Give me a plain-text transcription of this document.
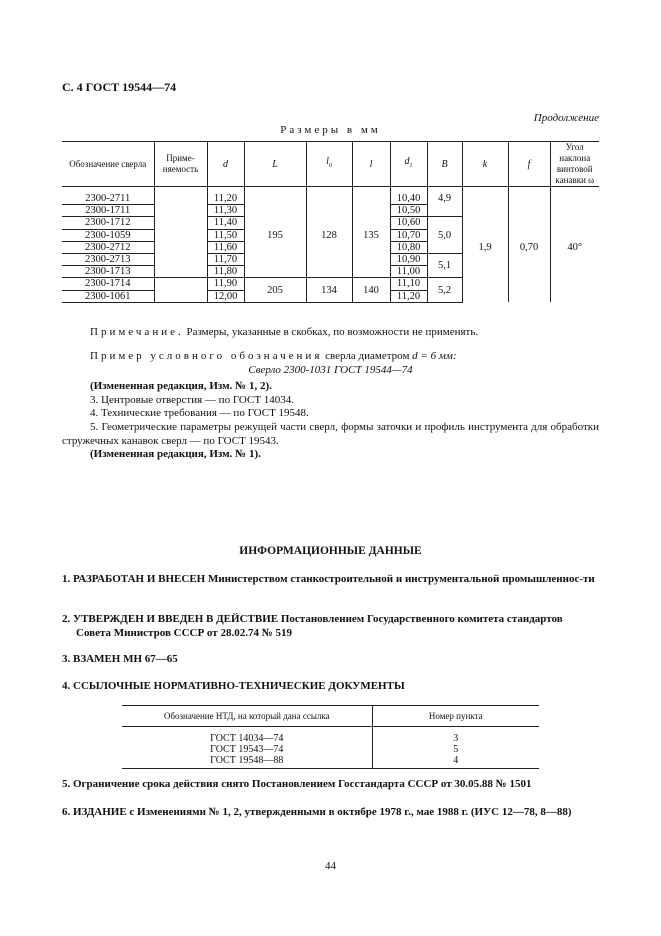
С. 4 ГОСТ 19544—74
Продолжение
Размеры в мм
Обозначение сверла	Приме- няемость	d	L	$l_0$	l	$d_1$	B	k	f	Угол наклона винтовой канавки ω
2300-2711		11,20	195	128	135	10,40	4,9	1,9	0,70	40°
2300-1711		11,30				10,50				
2300-1712		11,40				10,60	5,0			
2300-1059		11,50				10,70				
2300-2712		11,60				10,80				
2300-2713		11,70				10,90	5,1			
2300-1713		11,80				11,00				
2300-1714		11,90	205	134	140	11,10	5,2			
2300-1061		12,00				11,20				
Примечание. Размеры, указанные в скобках, по возможности не применять.
Пример условного обозначения сверла диаметром d = 6 мм:
Сверло 2300-1031 ГОСТ 19544—74
(Измененная редакция, Изм. № 1, 2).
3. Центровые отверстия — по ГОСТ 14034.
4. Технические требования — по ГОСТ 19548.
5. Геометрические параметры режущей части сверл, формы заточки и профиль инструмента для обработки стружечных канавок сверл — по ГОСТ 19543.
(Измененная редакция, Изм. № 1).
ИНФОРМАЦИОННЫЕ ДАННЫЕ
1. РАЗРАБОТАН И ВНЕСЕН Министерством станкостроительной и инструментальной промышленнос-ти
2. УТВЕРЖДЕН И ВВЕДЕН В ДЕЙСТВИЕ Постановлением Государственного комитета стандартов Совета Министров СССР от 28.02.74 № 519
3. ВЗАМЕН МН 67—65
4. ССЫЛОЧНЫЕ НОРМАТИВНО-ТЕХНИЧЕСКИЕ ДОКУМЕНТЫ
Обозначение НТД, на который дана ссылка	Номер пункта

ГОСТ 14034—74	3
ГОСТ 19543—74	5
ГОСТ 19548—88	4
5. Ограничение срока действия снято Постановлением Госстандарта СССР от 30.05.88 № 1501
6. ИЗДАНИЕ с Изменениями № 1, 2, утвержденными в октябре 1978 г., мае 1988 г. (ИУС 12—78, 8—88)
44
